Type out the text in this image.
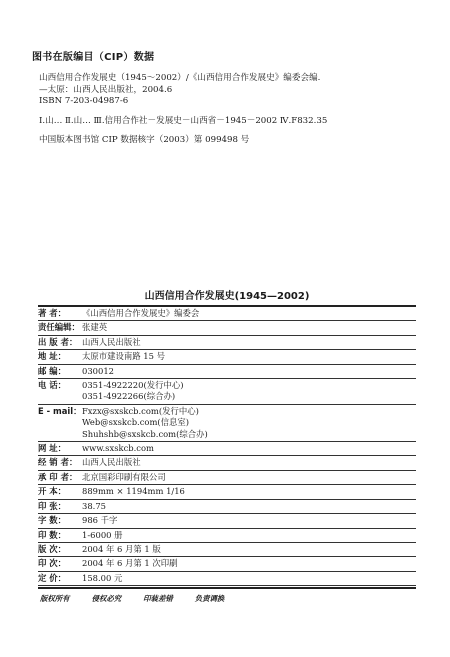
图书在版编目（CIP）数据
山西信用合作发展史（1945～2002）/《山西信用合作发展史》编委会编.
—太原：山西人民出版社，2004.6
ISBN 7-203-04987-6
Ⅰ.山… Ⅱ.山… Ⅲ.信用合作社－发展史－山西省－1945－2002 Ⅳ.F832.35
中国版本图书馆 CIP 数据核字（2003）第 099498 号
山西信用合作发展史(1945—2002)
著 者：	《山西信用合作发展史》编委会
责任编辑： 张建英
出 版 者： 山西人民出版社
地 址：	太原市建设南路 15 号
邮 编：	030012
电 话：	0351-4922220(发行中心)
0351-4922266(综合办)
E - mail： Fxzx@sxskcb.com(发行中心)
Web@sxskcb.com(信息室)
Shuhshb@sxskcb.com(综合办)
网 址：	www.sxskcb.com
经 销 者： 山西人民出版社
承 印 者： 北京国彩印刷有限公司
开 本：	889mm × 1194mm 1/16
印 张：	38.75
字 数：	986 千字
印 数：	1-6000 册
版 次：	2004 年 6 月第 1 版
印 次：	2004 年 6 月第 1 次印刷
定 价：	158.00 元
版权所有	侵权必究	印装差错	负责调换
